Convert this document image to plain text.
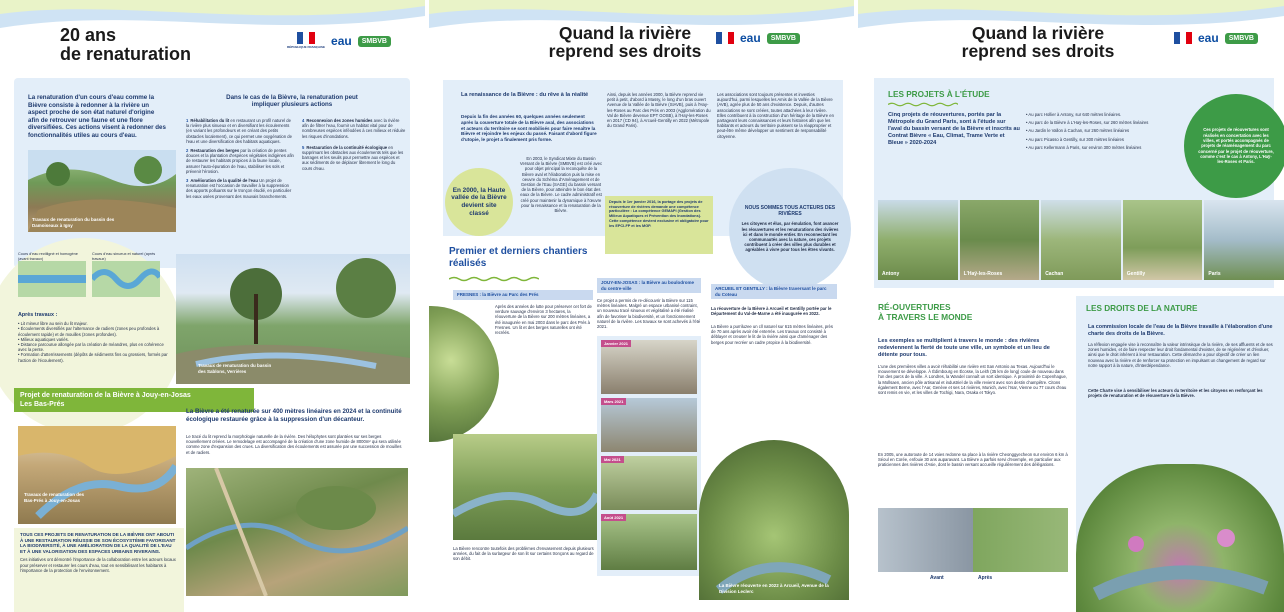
20 ans
de renaturation	RÉPUBLIQUE FRANÇAISE eau	SMBVB
La renaturation d'un cours d'eau comme la Bièvre consiste à redonner à la rivière un aspect proche de son état naturel d'origine afin de retrouver une faune et une flore diversifiées. Ces actions visent à redonner des fonctionnalités utiles au cours d'eau.
Dans le cas de la Bièvre, la renaturation peut impliquer plusieurs actions
1 Réhabilitation du lit en restaurant un profil naturel de la rivière plus sinueux et en diversifiant les écoulements (en variant les profondeurs et en créant des petits obstacles localement), ce qui permet une oxygénation de l'eau et une diversification des habitats aquatiques.
2 Restauration des berges par la création de pentes douces et la plantation d'espèces végétales indigènes afin de restaurer les habitats propices à la faune locale, assurer l'auto-épuration de l'eau, stabiliser les sols et prévenir l'érosion.
3 Amélioration de la qualité de l'eau Un projet de renaturation est l'occasion de travailler à la suppression des apports polluants sur le tronçon étudié, en particulier les eaux usées provenant des mauvais branchements.
4 Reconnexion des zones humides avec la rivière afin de filtrer l'eau, fournir un habitat vital pour de nombreuses espèces inféodées à ces milieux et réduire les risques d'inondations.
5 Restauration de la continuité écologique en supprimant les obstacles aux écoulements tels que les barrages et les seuils pour permettre aux espèces et aux sédiments de se déplacer librement le long du cours d'eau.
Travaux de renaturation du bassin des Damoiseaux à Igny
Cours d'eau rectiligné et homogène (avant travaux)
Cours d'eau sinueux et naturel (après travaux)
Après travaux :
• Lit mineur libre au sein du lit majeur.
• Écoulements diversifiés par l'alternance de radiers (zones peu profondes à écoulement rapide) et de mouilles (zones profondes).
• Milieux aquatiques variés.
• Distance parcourue allongée par la création de méandres, plus en cohérence avec la pente.
• Formation d'atterrissements (dépôts de sédiments fins ou grossiers, formés par l'action de l'écoulement).
Travaux de renaturation du bassin des Sablons, Verrières
Projet de renaturation de la Bièvre à Jouy-en-Josas
Les Bas-Prés
La Bièvre a été renaturée sur 400 mètres linéaires en 2024 et la continuité écologique restaurée grâce à la suppression d'un décanteur.
Le tracé du lit reprend la morphologie naturelle de la rivière. Des hélophytes sont plantées sur ses berges nouvellement créées. Le remodelage est accompagné de la création d'une zone humide de 8000m² qui sera utilisée comme zone d'expansion des crues. La diversification des écoulements est assurée par une succession de mouilles et de radiers.
Travaux de renaturation des Bas-Prés à Jouy-en-Josas
TOUS CES PROJETS DE RENATURATION DE LA BIÈVRE ONT ABOUTI À UNE RESTAURATION RÉUSSIE DE SON ÉCOSYSTÈME FAVORISANT LA BIODIVERSITÉ, À UNE AMÉLIORATION DE LA QUALITÉ DE L'EAU ET À UNE VALORISATION DES ESPACES URBAINS RIVERAINS.
Ces initiatives ont démontré l'importance de la collaboration entre les acteurs locaux pour préserver et restaurer les cours d'eau, tout en sensibilisant les habitants à l'importance de la protection de l'environnement.
Quand la rivière
reprend ses droits
eau	SMBVB
La renaissance de la Bièvre : du rêve à la réalité
Depuis la fin des années 60, quelques années seulement après la couverture totale de la Bièvre aval, des associations et acteurs du territoire se sont mobilisés pour faire renaître la Bièvre et rejoindre les enjeux du passé. Faisant d'abord figure d'utopie, le projet a finalement pris forme.
En 2000, la Haute vallée de la Bièvre devient site classé
En 2003, le Syndicat Mixte du Bassin Versant de la Bièvre (SMBVB) est créé avec pour objet principal la reconquête de la Bièvre aval et l'élaboration puis la mise en oeuvre du Schéma d'Aménagement et de Gestion de l'Eau (SAGE) du bassin versant de la Bièvre, pour atteindre le bon état des eaux de la Bièvre. Le cadre administratif est créé pour maintenir la dynamique à l'œuvre pour la renaissance et la renaturation de la Bièvre.
Ainsi, depuis les années 2000, la Bièvre reprend vie petit à petit, d'abord à Massy, le long d'un bras ouvert Avenue de la Vallée de la Bièvre (SIAVB), puis à l'Hay-les-Roses au Parc des Prés en 2003 (Agglomération du Val de Bièvre devenue EPT GOSB), à l'Haÿ-les-Roses en 2017 (CD 94), à Arcueil-Gentilly en 2022 (Métropole du Grand Paris).
Les associations sont toujours présentes et investies aujourd'hui, parmi lesquelles les Amis de la Vallée de la Bièvre (AVB), agrée plus de 50 ans d'existence. Depuis, d'autres associations se sont créées, toutes attachées à leur rivière. Elles contribuent à la construction d'un héritage de la Bièvre en partageant leurs connaissances et leurs histoires afin que les habitants et acteurs du territoire puissent se la réapproprier et peut-être même développer un sentiment de responsabilité citoyenne.
Depuis le 1er janvier 2016, la portage des projets de réouverture de rivières demande une compétence particulière : La compétence GEMAPI (Gestion des Milieux Aquatiques et Prévention des Inondations). Cette compétence devient exclusive et obligatoire pour les EPCI-FP et les MGP.
NOUS SOMMES TOUS ACTEURS DES RIVIÈRES
Les citoyens et élus, par émulation, font avancer les réouvertures et les renaturations des rivières ici et dans le monde entier. En reconnectant les communautés avec la nature, ces projets contribuent à créer des villes plus durables et agréables à vivre pour tous les êtres vivants.
Premier et derniers chantiers réalisés
FRESNES : la Bièvre au Parc des Prés
Après des années de lutte pour préserver cet fort de verdure sauvage d'environ 3 hectares, la réouverture de la Bièvre sur 200 mètres linéaires, a été inaugurée en mai 2003 dans le parc des Prés à Fresnes. Un lit et des berges naturelles ont été recréés.
La Bièvre rencontre toutefois des problèmes d'envasement depuis plusieurs années, du fait de la surlargeur de son lit sur certains tronçons au regard de son débit.
JOUY-EN-JOSAS : la Bièvre au boulodrome du centre-ville
Ce projet a permis de re-découvrir la Bièvre sur 115 mètres linéaires. Malgré un espace urbanisé contraint, un nouveau tracé sinueux et végétalisé a été réalisé afin de favoriser la biodiversité, et un fonctionnement naturel de la rivière. Les travaux se sont achevés à l'été 2021.
Janvier 2021
Mars 2021
Mai 2021
Août 2021
ARCUEIL ET GENTILLY : la Bièvre traversant le parc du Coteau
La réouverture de la Bièvre à Arcueil et Gentilly portée par le Département du Val-de-Marne a été inaugurée en 2022.
La Bièvre a purriluzee un cll naturel sur 615 mètres linéaires, près de 70 ans après avoir été enterrée. Les travaux ont consisté à déblayer et creuser le lit de la rivière ainsi que d'aménager des berges pour recréer un cadre propice à la biodiversité.
La Bièvre réouverte en 2022 à Arcueil, Avenue de la Division Leclerc
Quand la rivière
reprend ses droits
eau	SMBVB
LES PROJETS À L'ÉTUDE
Cinq projets de réouvertures, portés par la Métropole du Grand Paris, sont à l'étude sur l'aval du bassin versant de la Bièvre et inscrits au Contrat Bièvre « Eau, Climat, Trame Verte et Bleue » 2020-2024
• Au parc Hollier à Antony, sur 640 mètres linéaires.
• Au parc de la Bièvre à L'Haÿ-les-Roses, sur 260 mètres linéaires
• Au Jardin le Vallon à Cachan, sur 260 mètres linéaires
• Au parc Picasso à Gentilly, sur 300 mètres linéaires
• Au parc Kellermann à Paris, sur environ 300 mètres linéaires
Ces projets de réouvertures sont réalisés en concertation avec les villes, et portés accompagnés de projets de réaménagement du parc concerné par le projet de réouverture, comme c'est le cas à Antony, L'Haÿ-les-Roses et Paris.
Antony	L'Haÿ-les-Roses	Cachan	Gentilly	Paris
RÉ-OUVERTURES
À TRAVERS LE MONDE
Les exemples se multiplient à travers le monde : des rivières redeviennent la fierté de toute une ville, un symbole et un lieu de détente pour tous.
L'une des premières villes a avoir réhabilité une rivière est San Antonio au Texas. Aujourd'hui le mouvement se développe. À Édimbourg en Écosse, la Leith (35 km de long) coule de nouveau dans l'un des parcs de la ville. À Londres, la Wandel connaît un sort identique. À proximité de Copenhague, la Mollsaen, ancien pôle artisanal et industriel de la ville revient avec son destin champêtre. Citons également Berne, avec l'Aar, Genève et ses 14 rivières, Munich, avec l'Isar, Vienne ou 77 cours d'eau sont remis en vie, et les villes de Tochigi, Nara, Osaka et Tokyo.
En 2005, une autoroute de 14 voies redonne sa place à la rivière Cheonggyecheon sur environ 6 km à Séoul en Corée, enfouie 30 ans auparavant. La Bièvre a parfois servi d'exemple, en particulier aux praticiennes des rivières d'Asie, dont le bassin versant accueille régulièrement des délégations.
Avant	Après
LES DROITS DE LA NATURE
La commission locale de l'eau de la Bièvre travaille à l'élaboration d'une charte des droits de la Bièvre.
La réflexion engagée vise à reconnaître la valeur intrinsèque de la rivière, de ses affluents et de ses zones humides, et de faire respecter leur droit fondamental d'exister, de se régénérer et d'évoluer, ainsi que le droit inhérent à leur restauration. Cette démarche a pour objectif de créer un lien nouveau avec la rivière et de renforcer sa protection en impulsant un changement de regard sur notre rapport à la nature, d'interdépendance.
Cette Charte vise à sensibiliser les acteurs du territoire et les citoyens en renforçant les projets de renaturation et de réouverture de la Bièvre.
